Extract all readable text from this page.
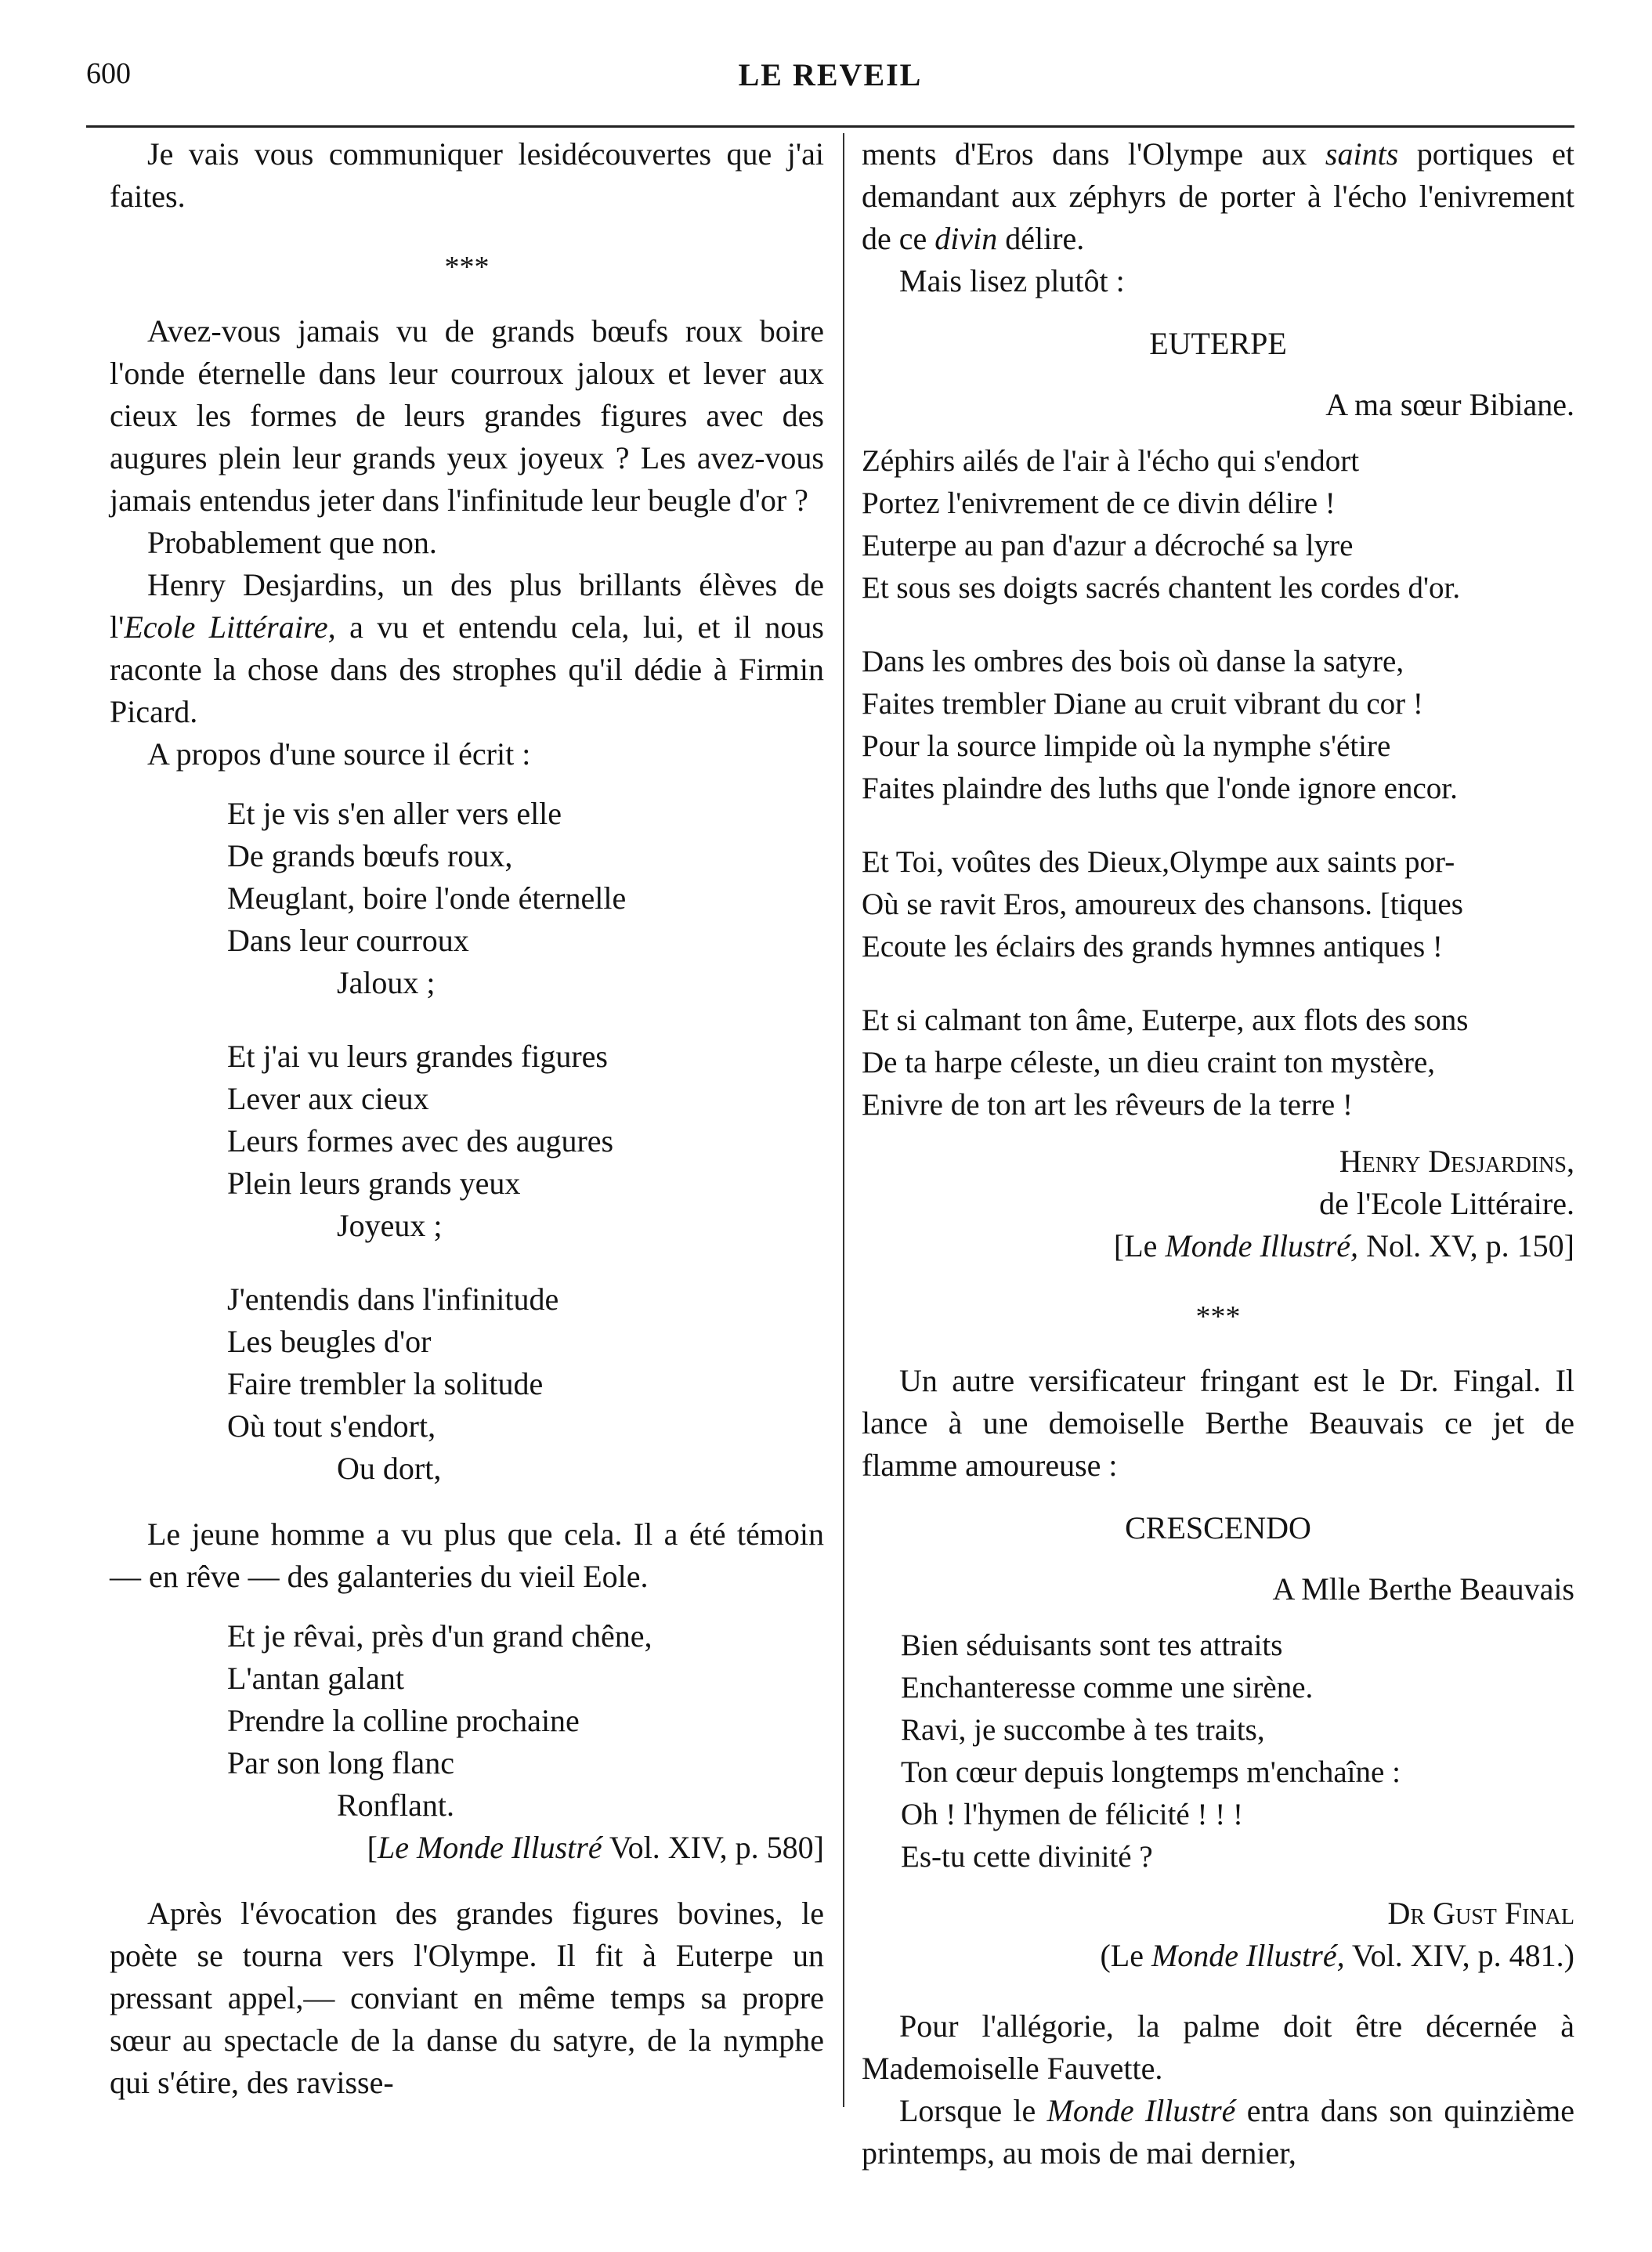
600	LE REVEIL

Je vais vous communiquer lesidécouvertes que j'ai faites.

***

Avez-vous jamais vu de grands bœufs roux boire l'onde éternelle dans leur courroux jaloux et lever aux cieux les formes de leurs grandes figures avec des augures plein leur grands yeux joyeux ? Les avez-vous jamais entendus jeter dans l'infinitude leur beugle d'or ?

Probablement que non.

Henry Desjardins, un des plus brillants élèves de l'Ecole Littéraire, a vu et entendu cela, lui, et il nous raconte la chose dans des strophes qu'il dédie à Firmin Picard.

A propos d'une source il écrit :

Et je vis s'en aller vers elle
De grands bœufs roux,
Meuglant, boire l'onde éternelle
Dans leur courroux
Jaloux ;
Et j'ai vu leurs grandes figures
Lever aux cieux
Leurs formes avec des augures
Plein leurs grands yeux
Joyeux ;
J'entendis dans l'infinitude
Les beugles d'or
Faire trembler la solitude
Où tout s'endort,
Ou dort,

Le jeune homme a vu plus que cela. Il a été témoin — en rêve — des galanteries du vieil Eole.

Et je rêvai, près d'un grand chêne,
L'antan galant
Prendre la colline prochaine
Par son long flanc
Ronflant.
[Le Monde Illustré Vol. XIV, p. 580]

Après l'évocation des grandes figures bovines, le poète se tourna vers l'Olympe. Il fit à Euterpe un pressant appel,— conviant en même temps sa propre sœur au spectacle de la danse du satyre, de la nymphe qui s'étire, des ravisse-

ments d'Eros dans l'Olympe aux saints portiques et demandant aux zéphyrs de porter à l'écho l'enivrement de ce divin délire.

Mais lisez plutôt :

EUTERPE
A ma sœur Bibiane.
Zéphirs ailés de l'air à l'écho qui s'endort
Portez l'enivrement de ce divin délire !
Euterpe au pan d'azur a décroché sa lyre
Et sous ses doigts sacrés chantent les cordes d'or.
Dans les ombres des bois où danse la satyre,
Faites trembler Diane au cruit vibrant du cor !
Pour la source limpide où la nymphe s'étire
Faites plaindre des luths que l'onde ignore encor.
Et Toi, voûtes des Dieux,Olympe aux saints por-
Où se ravit Eros, amoureux des chansons. [tiques
Ecoute les éclairs des grands hymnes antiques !
Et si calmant ton âme, Euterpe, aux flots des sons
De ta harpe céleste, un dieu craint ton mystère,
Enivre de ton art les rêveurs de la terre !
Henry Desjardins,
de l'Ecole Littéraire.
[Le Monde Illustré, Nol. XV, p. 150]
***

Un autre versificateur fringant est le Dr. Fingal. Il lance à une demoiselle Berthe Beauvais ce jet de flamme amoureuse :

CRESCENDO
A Mlle Berthe Beauvais
Bien séduisants sont tes attraits
Enchanteresse comme une sirène.
Ravi, je succombe à tes traits,
Ton cœur depuis longtemps m'enchaîne :
Oh ! l'hymen de félicité ! ! !
Es-tu cette divinité ?
Dr Gust Final
(Le Monde Illustré, Vol. XIV, p. 481.)

Pour l'allégorie, la palme doit être décernée à Mademoiselle Fauvette.

Lorsque le Monde Illustré entra dans son quinzième printemps, au mois de mai dernier,
